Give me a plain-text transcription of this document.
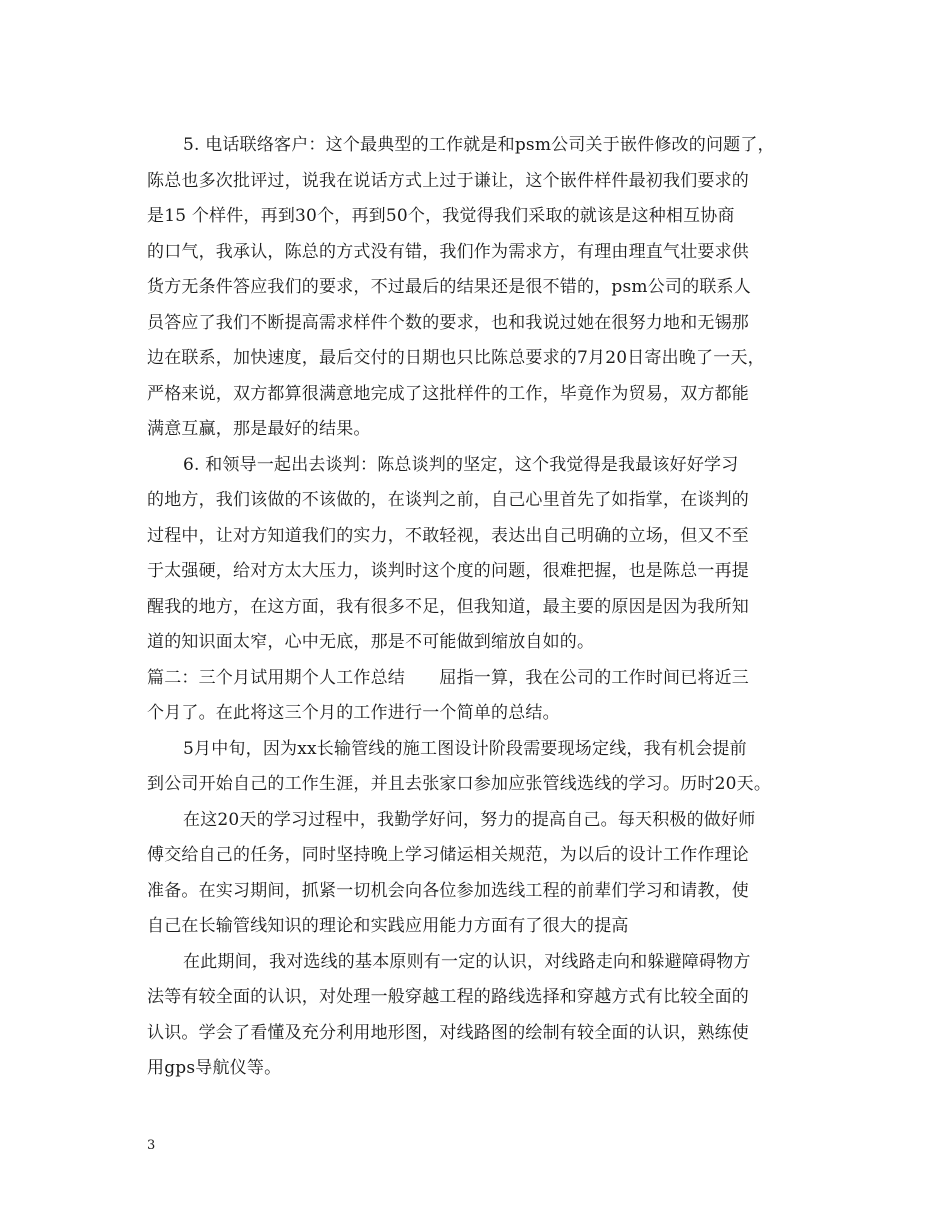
5. 电话联络客户：这个最典型的工作就是和psm公司关于嵌件修改的问题了，
陈总也多次批评过，说我在说话方式上过于谦让，这个嵌件样件最初我们要求的
是15 个样件，再到30个，再到50个，我觉得我们采取的就该是这种相互协商
的口气，我承认，陈总的方式没有错，我们作为需求方，有理由理直气壮要求供
货方无条件答应我们的要求，不过最后的结果还是很不错的，psm公司的联系人
员答应了我们不断提高需求样件个数的要求，也和我说过她在很努力地和无锡那
边在联系，加快速度，最后交付的日期也只比陈总要求的7月20日寄出晚了一天，
严格来说，双方都算很满意地完成了这批样件的工作，毕竟作为贸易，双方都能
满意互赢，那是最好的结果。
6. 和领导一起出去谈判：陈总谈判的坚定，这个我觉得是我最该好好学习
的地方，我们该做的不该做的，在谈判之前，自己心里首先了如指掌，在谈判的
过程中，让对方知道我们的实力，不敢轻视，表达出自己明确的立场，但又不至
于太强硬，给对方太大压力，谈判时这个度的问题，很难把握，也是陈总一再提
醒我的地方，在这方面，我有很多不足，但我知道，最主要的原因是因为我所知
道的知识面太窄，心中无底，那是不可能做到缩放自如的。
篇二：三个月试用期个人工作总结　　屈指一算，我在公司的工作时间已将近三
个月了。在此将这三个月的工作进行一个简单的总结。
5月中旬，因为xx长输管线的施工图设计阶段需要现场定线，我有机会提前
到公司开始自己的工作生涯，并且去张家口参加应张管线选线的学习。历时20天。
在这20天的学习过程中，我勤学好问，努力的提高自己。每天积极的做好师
傅交给自己的任务，同时坚持晚上学习储运相关规范，为以后的设计工作作理论
准备。在实习期间，抓紧一切机会向各位参加选线工程的前辈们学习和请教，使
自己在长输管线知识的理论和实践应用能力方面有了很大的提高
在此期间，我对选线的基本原则有一定的认识，对线路走向和躲避障碍物方
法等有较全面的认识，对处理一般穿越工程的路线选择和穿越方式有比较全面的
认识。学会了看懂及充分利用地形图，对线路图的绘制有较全面的认识，熟练使
用gps导航仪等。
3
